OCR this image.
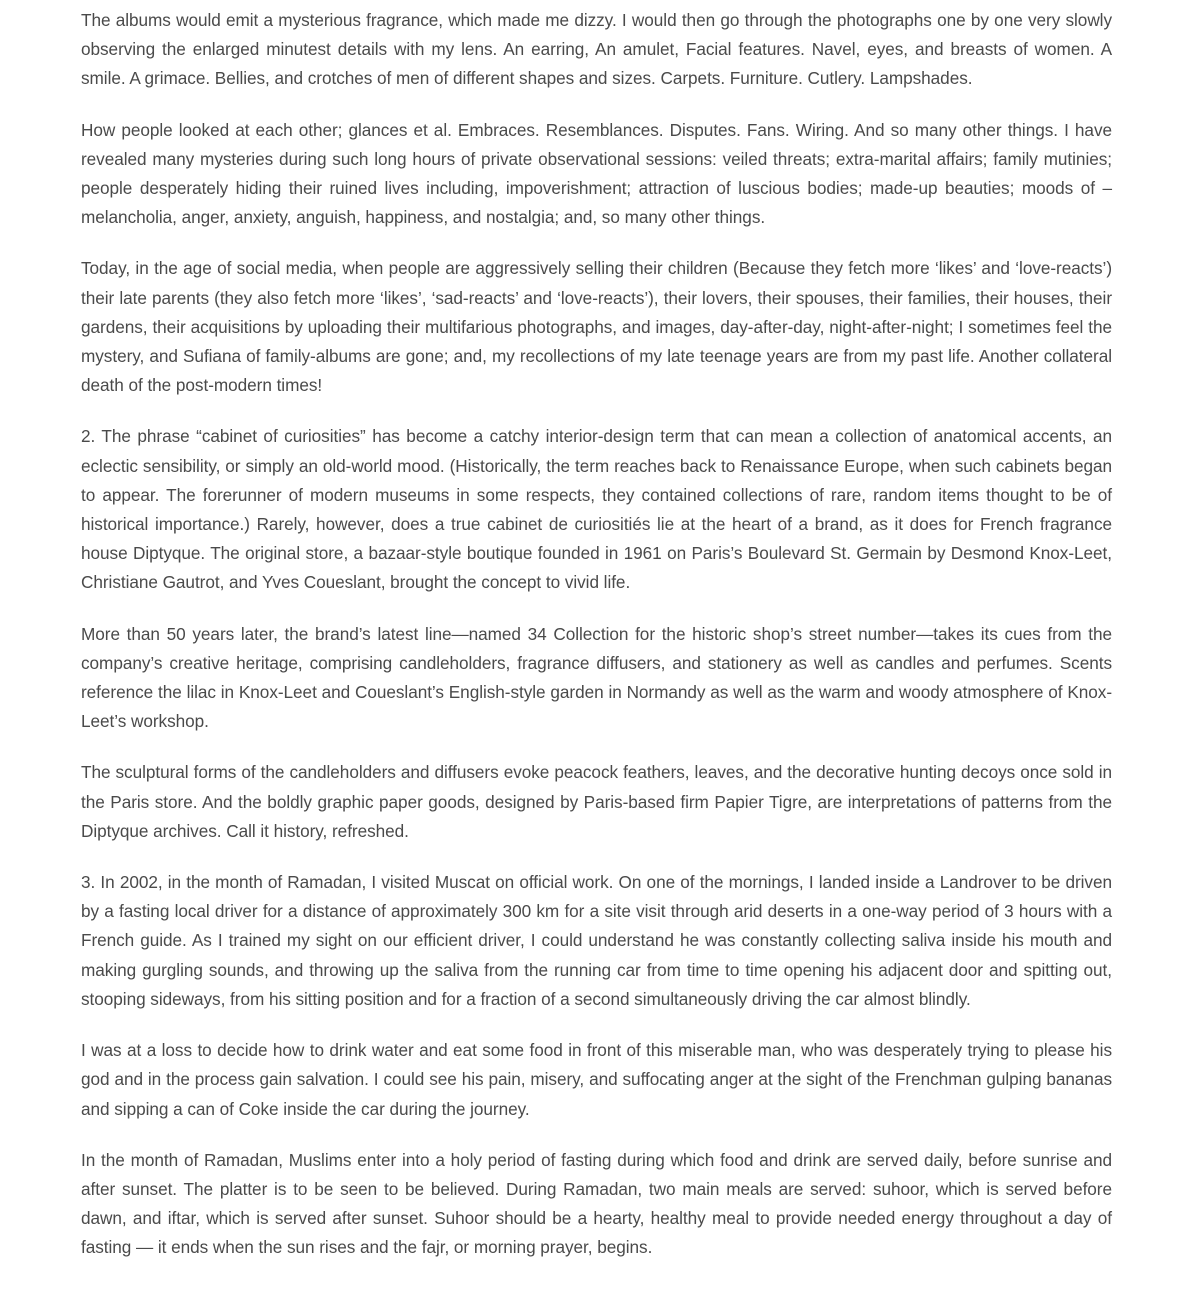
The albums would emit a mysterious fragrance, which made me dizzy. I would then go through the photographs one by one very slowly observing the enlarged minutest details with my lens. An earring, An amulet, Facial features. Navel, eyes, and breasts of women. A smile. A grimace. Bellies, and crotches of men of different shapes and sizes. Carpets. Furniture. Cutlery. Lampshades.

How people looked at each other; glances et al. Embraces. Resemblances. Disputes. Fans. Wiring. And so many other things. I have revealed many mysteries during such long hours of private observational sessions: veiled threats; extra-marital affairs; family mutinies; people desperately hiding their ruined lives including, impoverishment; attraction of luscious bodies; made-up beauties; moods of – melancholia, anger, anxiety, anguish, happiness, and nostalgia; and, so many other things.

Today, in the age of social media, when people are aggressively selling their children (Because they fetch more ‘likes’ and ‘love-reacts’) their late parents (they also fetch more ‘likes’, ‘sad-reacts’ and ‘love-reacts’), their lovers, their spouses, their families, their houses, their gardens, their acquisitions by uploading their multifarious photographs, and images, day-after-day, night-after-night; I sometimes feel the mystery, and Sufiana of family-albums are gone; and, my recollections of my late teenage years are from my past life. Another collateral death of the post-modern times!

2. The phrase “cabinet of curiosities” has become a catchy interior-design term that can mean a collection of anatomical accents, an eclectic sensibility, or simply an old-world mood. (Historically, the term reaches back to Renaissance Europe, when such cabinets began to appear. The forerunner of modern museums in some respects, they contained collections of rare, random items thought to be of historical importance.) Rarely, however, does a true cabinet de curiositiés lie at the heart of a brand, as it does for French fragrance house Diptyque. The original store, a bazaar-style boutique founded in 1961 on Paris’s Boulevard St. Germain by Desmond Knox-Leet, Christiane Gautrot, and Yves Coueslant, brought the concept to vivid life.

More than 50 years later, the brand’s latest line—named 34 Collection for the historic shop’s street number—takes its cues from the company’s creative heritage, comprising candleholders, fragrance diffusers, and stationery as well as candles and perfumes. Scents reference the lilac in Knox-Leet and Coueslant’s English-style garden in Normandy as well as the warm and woody atmosphere of Knox-Leet’s workshop.

The sculptural forms of the candleholders and diffusers evoke peacock feathers, leaves, and the decorative hunting decoys once sold in the Paris store. And the boldly graphic paper goods, designed by Paris-based firm Papier Tigre, are interpretations of patterns from the Diptyque archives. Call it history, refreshed.

3. In 2002, in the month of Ramadan, I visited Muscat on official work. On one of the mornings, I landed inside a Landrover to be driven by a fasting local driver for a distance of approximately 300 km for a site visit through arid deserts in a one-way period of 3 hours with a French guide. As I trained my sight on our efficient driver, I could understand he was constantly collecting saliva inside his mouth and making gurgling sounds, and throwing up the saliva from the running car from time to time opening his adjacent door and spitting out, stooping sideways, from his sitting position and for a fraction of a second simultaneously driving the car almost blindly.

I was at a loss to decide how to drink water and eat some food in front of this miserable man, who was desperately trying to please his god and in the process gain salvation. I could see his pain, misery, and suffocating anger at the sight of the Frenchman gulping bananas and sipping a can of Coke inside the car during the journey.

In the month of Ramadan, Muslims enter into a holy period of fasting during which food and drink are served daily, before sunrise and after sunset. The platter is to be seen to be believed. During Ramadan, two main meals are served: suhoor, which is served before dawn, and iftar, which is served after sunset. Suhoor should be a hearty, healthy meal to provide needed energy throughout a day of fasting — it ends when the sun rises and the fajr, or morning prayer, begins.
